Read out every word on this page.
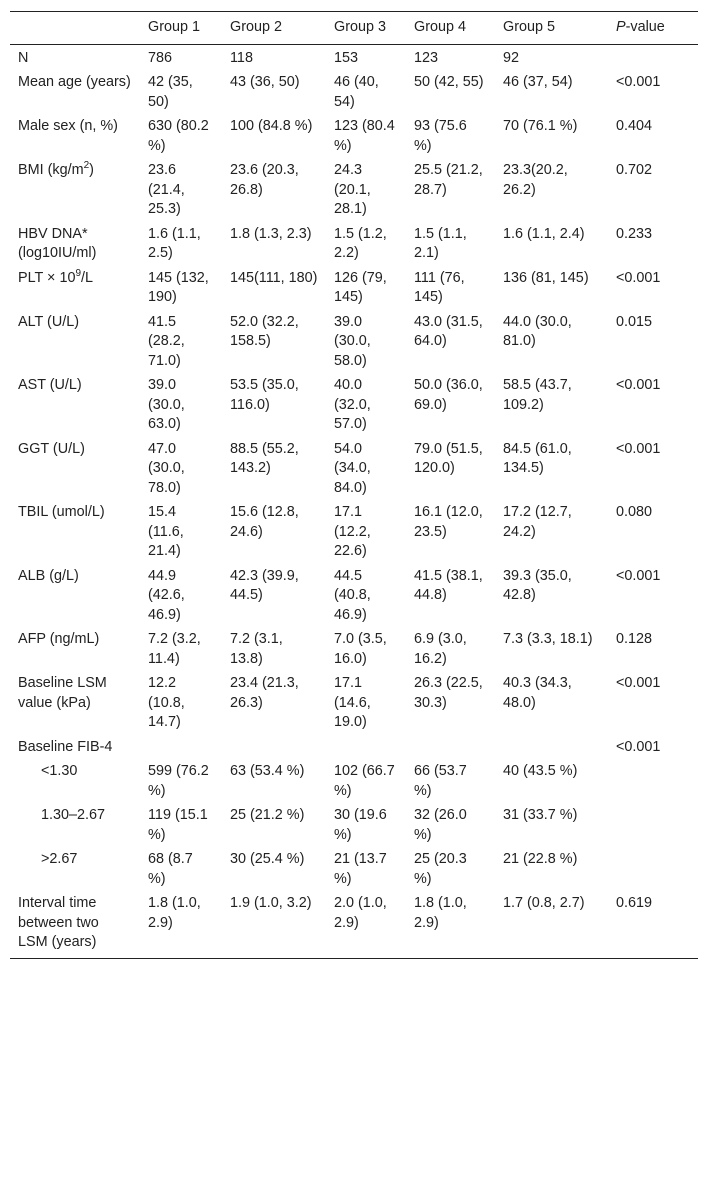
	Group 1	Group 2	Group 3	Group 4	Group 5	P-value
N	786	118	153	123	92	
Mean age (years)	42 (35, 50)	43 (36, 50)	46 (40, 54)	50 (42, 55)	46 (37, 54)	<0.001
Male sex (n, %)	630 (80.2 %)	100 (84.8 %)	123 (80.4 %)	93 (75.6 %)	70 (76.1 %)	0.404
BMI $(kg/m^2)$	23.6 (21.4, 25.3)	23.6 (20.3, 26.8)	24.3 (20.1, 28.1)	25.5 (21.2, 28.7)	23.3(20.2, 26.2)	0.702
HBV DNA* (log10IU/ml)	1.6 (1.1, 2.5)	1.8 (1.3, 2.3)	1.5 (1.2, 2.2)	1.5 (1.1, 2.1)	1.6 (1.1, 2.4)	0.233
PLT × $10^9/L$	145 (132, 190)	145(111, 180)	126 (79, 145)	111 (76, 145)	136 (81, 145)	<0.001
ALT (U/L)	41.5 (28.2, 71.0)	52.0 (32.2, 158.5)	39.0 (30.0, 58.0)	43.0 (31.5, 64.0)	44.0 (30.0, 81.0)	0.015
AST (U/L)	39.0 (30.0, 63.0)	53.5 (35.0, 116.0)	40.0 (32.0, 57.0)	50.0 (36.0, 69.0)	58.5 (43.7, 109.2)	<0.001
GGT (U/L)	47.0 (30.0, 78.0)	88.5 (55.2, 143.2)	54.0 (34.0, 84.0)	79.0 (51.5, 120.0)	84.5 (61.0, 134.5)	<0.001
TBIL (umol/L)	15.4 (11.6, 21.4)	15.6 (12.8, 24.6)	17.1 (12.2, 22.6)	16.1 (12.0, 23.5)	17.2 (12.7, 24.2)	0.080
ALB (g/L)	44.9 (42.6, 46.9)	42.3 (39.9, 44.5)	44.5 (40.8, 46.9)	41.5 (38.1, 44.8)	39.3 (35.0, 42.8)	<0.001
AFP (ng/mL)	7.2 (3.2, 11.4)	7.2 (3.1, 13.8)	7.0 (3.5, 16.0)	6.9 (3.0, 16.2)	7.3 (3.3, 18.1)	0.128
Baseline LSM value (kPa)	12.2 (10.8, 14.7)	23.4 (21.3, 26.3)	17.1 (14.6, 19.0)	26.3 (22.5, 30.3)	40.3 (34.3, 48.0)	<0.001
Baseline FIB-4						<0.001
<1.30	599 (76.2 %)	63 (53.4 %)	102 (66.7 %)	66 (53.7 %)	40 (43.5 %)	
1.30–2.67	119 (15.1 %)	25 (21.2 %)	30 (19.6 %)	32 (26.0 %)	31 (33.7 %)	
>2.67	68 (8.7 %)	30 (25.4 %)	21 (13.7 %)	25 (20.3 %)	21 (22.8 %)	
Interval time between two LSM (years)	1.8 (1.0, 2.9)	1.9 (1.0, 3.2)	2.0 (1.0, 2.9)	1.8 (1.0, 2.9)	1.7 (0.8, 2.7)	0.619
